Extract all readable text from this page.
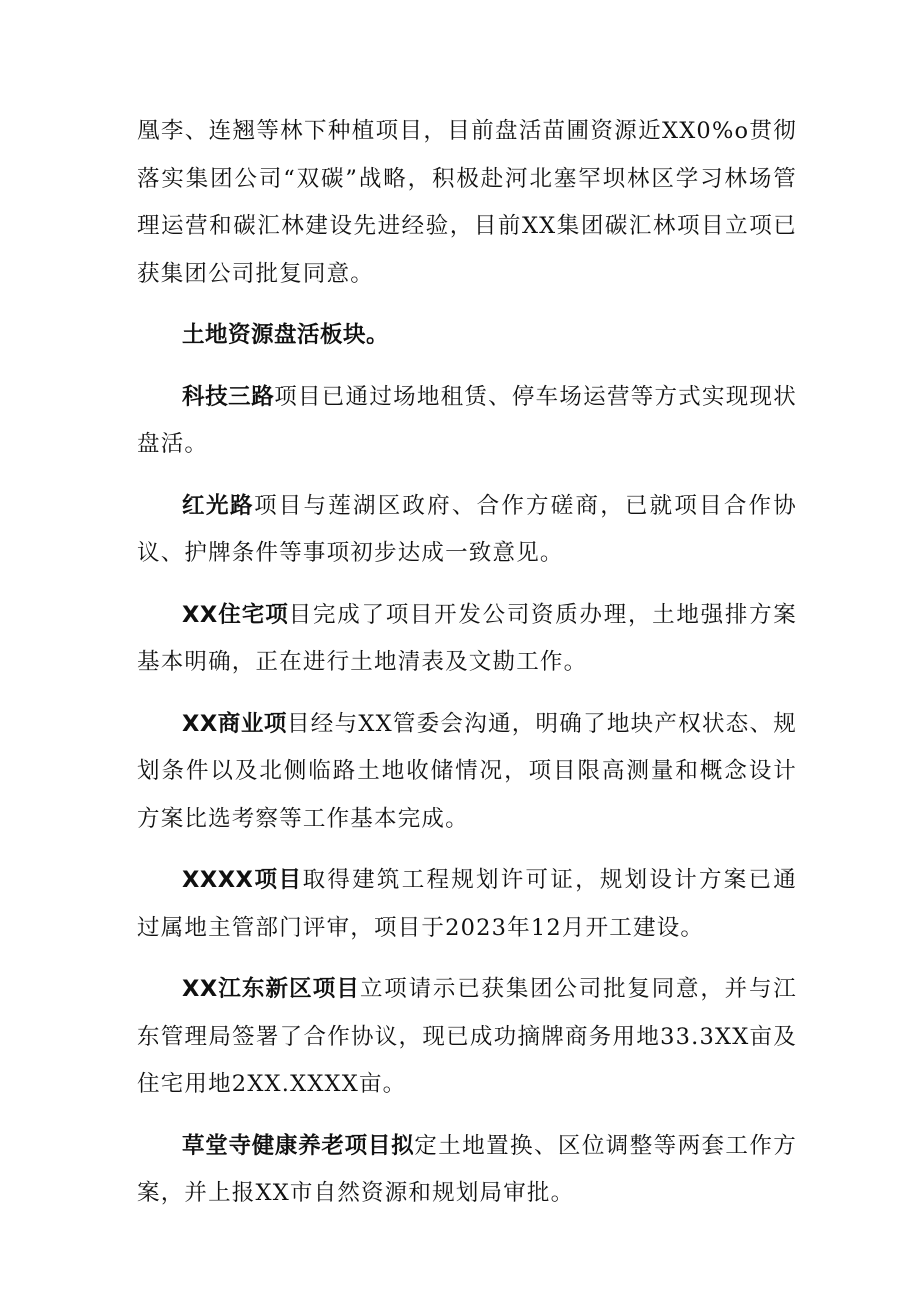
凰李、连翘等林下种植项目，目前盘活苗圃资源近XX0%o贯彻落实集团公司“双碳”战略，积极赴河北塞罕坝林区学习林场管理运营和碳汇林建设先进经验，目前XX集团碳汇林项目立项已获集团公司批复同意。

土地资源盘活板块。

科技三路项目已通过场地租赁、停车场运营等方式实现现状盘活。

红光路项目与莲湖区政府、合作方磋商，已就项目合作协议、护牌条件等事项初步达成一致意见。

XX住宅项目完成了项目开发公司资质办理，土地强排方案基本明确，正在进行土地清表及文勘工作。

XX商业项目经与XX管委会沟通，明确了地块产权状态、规划条件以及北侧临路土地收储情况，项目限高测量和概念设计方案比选考察等工作基本完成。

XXXX项目取得建筑工程规划许可证，规划设计方案已通过属地主管部门评审，项目于2023年12月开工建设。

XX江东新区项目立项请示已获集团公司批复同意，并与江东管理局签署了合作协议，现已成功摘牌商务用地33.3XX亩及住宅用地2XX.XXXX亩。

草堂寺健康养老项目拟定土地置换、区位调整等两套工作方案，并上报XX市自然资源和规划局审批。
